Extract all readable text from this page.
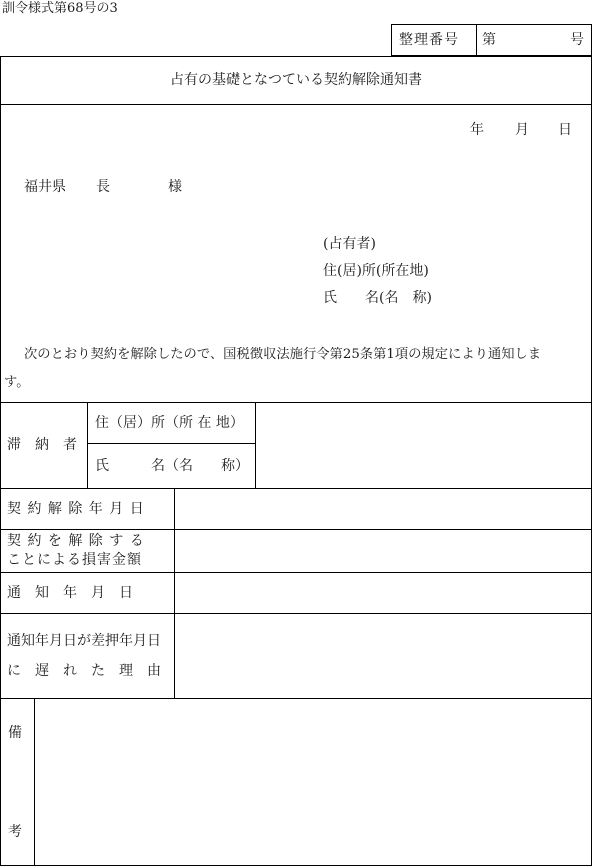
訓令様式第68号の3
整理番号 第	号
占有の基礎となつている契約解除通知書
年 月 日
福井県 長	様
(占有者)
住(居)所(所在地)
氏　　名(名　称)
次のとおり契約を解除したので、国税徴収法施行令第25条第1項の規定により通知しま
す。
滞　納　者
住（居）所（所 在 地）
氏　　　名（名　　称）
契 約 解 除 年 月 日
契 約 を 解 除 す る
ことによる損害金額
通　知　年　月　日
通知年月日が差押年月日
に　遅　れ　た　理　由
備
考
